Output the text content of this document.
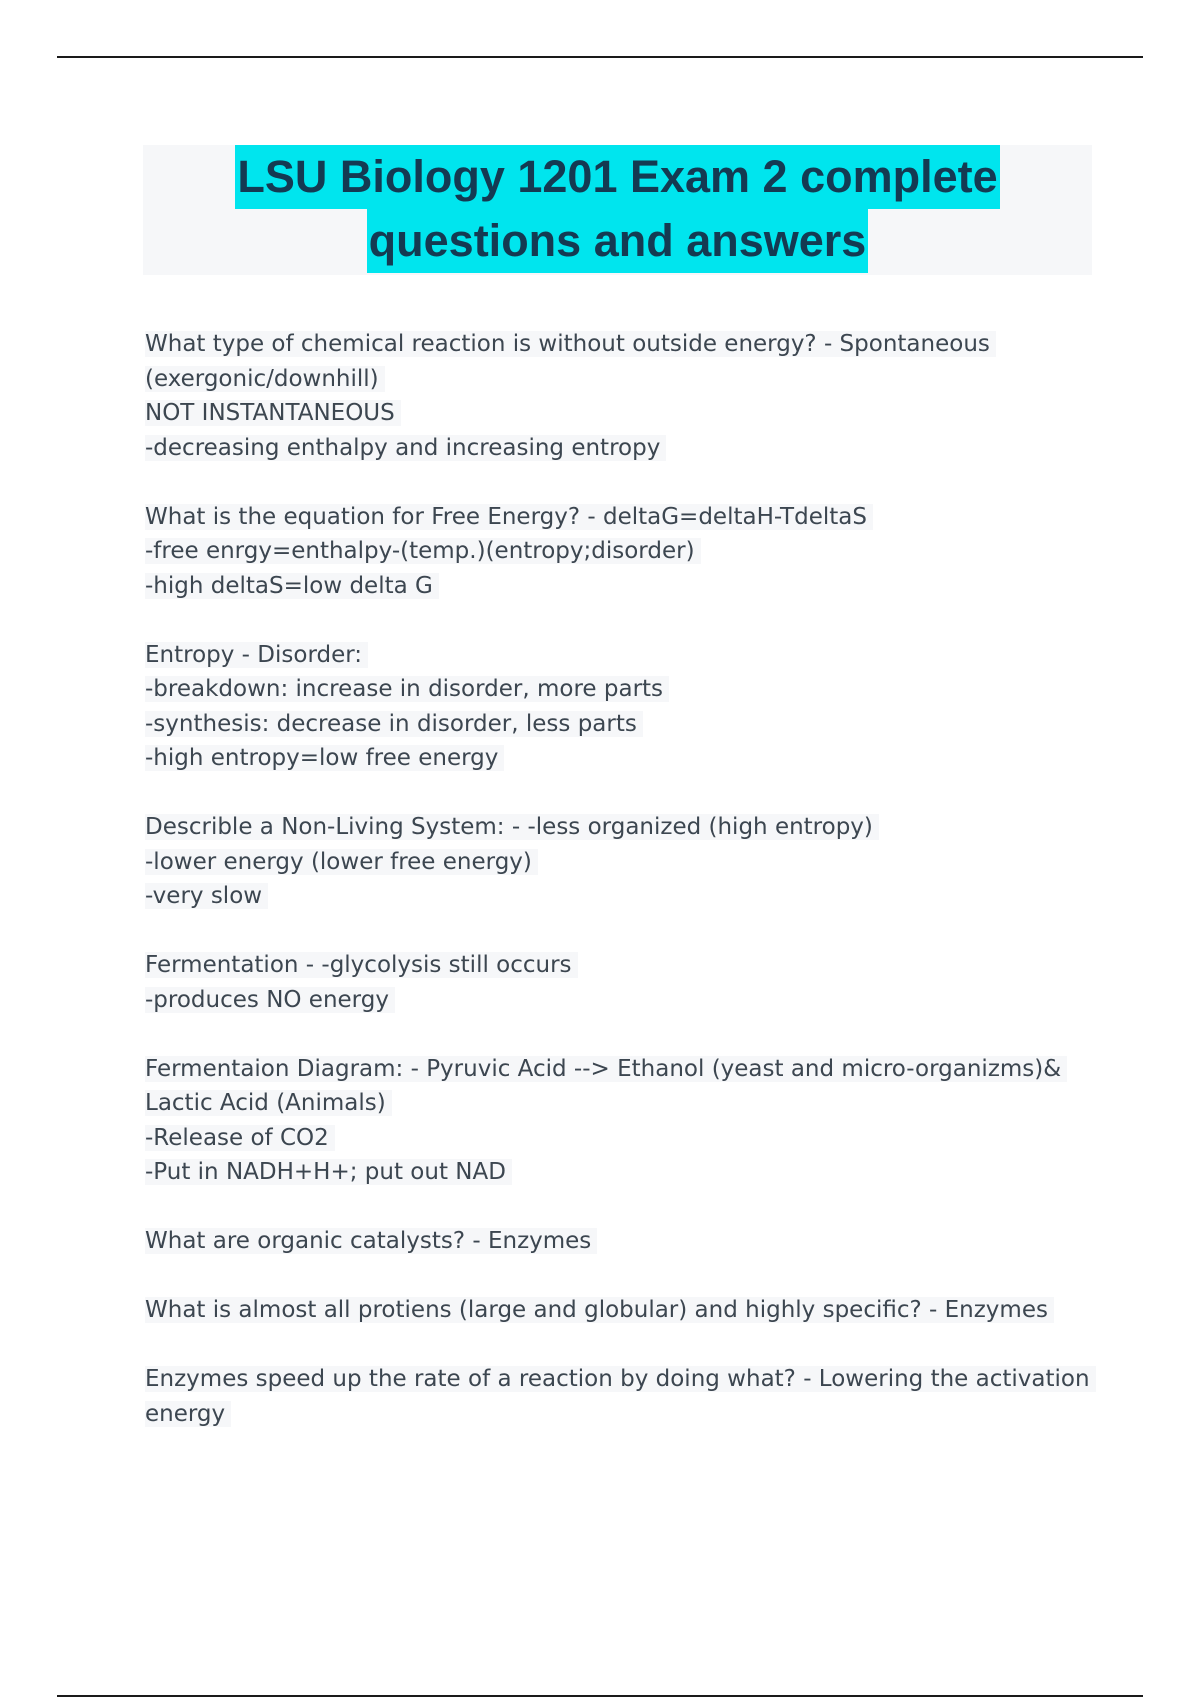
LSU Biology 1201 Exam 2 complete
questions and answers
What type of chemical reaction is without outside energy? - Spontaneous
(exergonic/downhill)
NOT INSTANTANEOUS
-decreasing enthalpy and increasing entropy
What is the equation for Free Energy? - deltaG=deltaH-TdeltaS
-free enrgy=enthalpy-(temp.)(entropy;disorder)
-high deltaS=low delta G
Entropy - Disorder:
-breakdown: increase in disorder, more parts
-synthesis: decrease in disorder, less parts
-high entropy=low free energy
Describle a Non-Living System: - -less organized (high entropy)
-lower energy (lower free energy)
-very slow
Fermentation - -glycolysis still occurs
-produces NO energy
Fermentaion Diagram: - Pyruvic Acid --> Ethanol (yeast and micro-organizms)&
Lactic Acid (Animals)
-Release of CO2
-Put in NADH+H+; put out NAD
What are organic catalysts? - Enzymes
What is almost all protiens (large and globular) and highly specific? - Enzymes
Enzymes speed up the rate of a reaction by doing what? - Lowering the activation
energy
